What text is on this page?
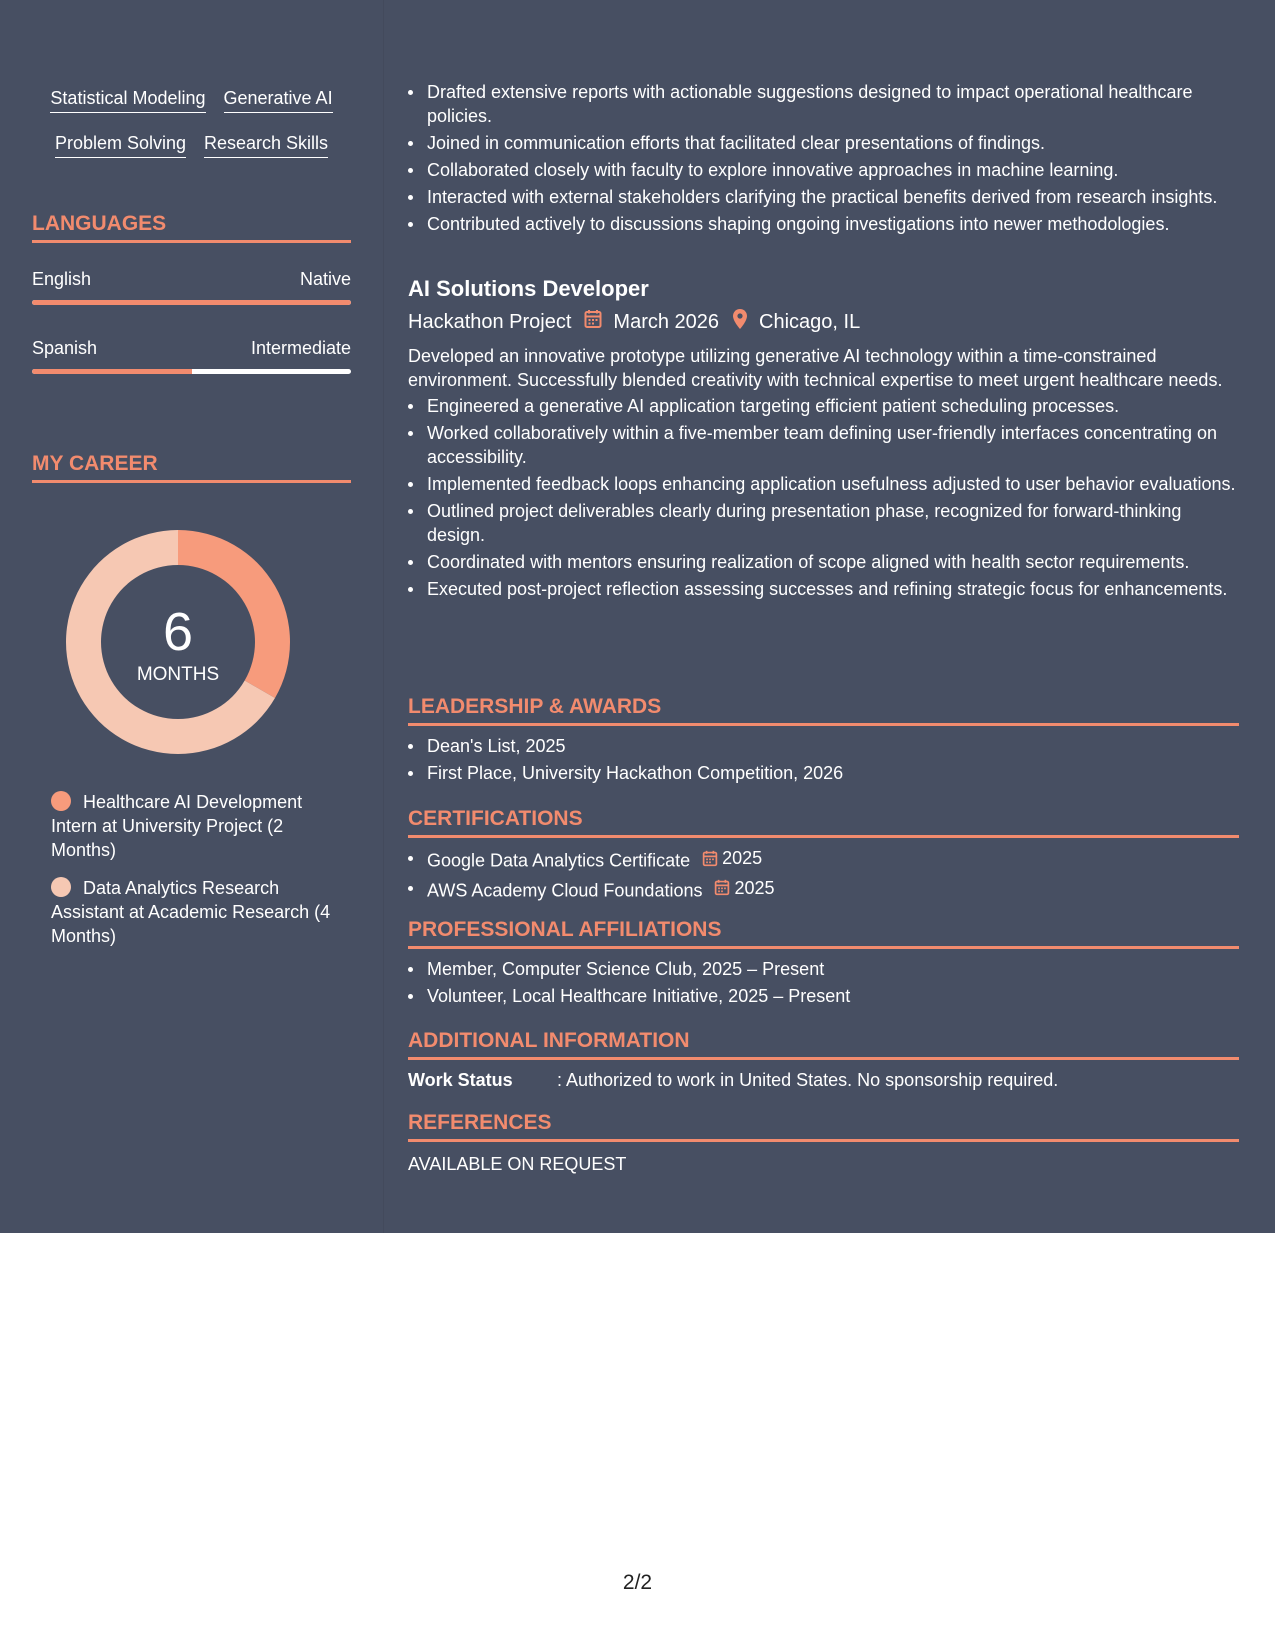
Statistical Modeling Generative AI
Problem Solving Research Skills
LANGUAGES
English	Native
Spanish	Intermediate
MY CAREER
6
MONTHS
Healthcare AI Development Intern at University Project (2 Months)
Data Analytics Research Assistant at Academic Research (4 Months)
Drafted extensive reports with actionable suggestions designed to impact operational healthcare policies.
Joined in communication efforts that facilitated clear presentations of findings.
Collaborated closely with faculty to explore innovative approaches in machine learning.
Interacted with external stakeholders clarifying the practical benefits derived from research insights.
Contributed actively to discussions shaping ongoing investigations into newer methodologies.
AI Solutions Developer
Hackathon Project March 2026 Chicago, IL
Developed an innovative prototype utilizing generative AI technology within a time-constrained environment. Successfully blended creativity with technical expertise to meet urgent healthcare needs.
Engineered a generative AI application targeting efficient patient scheduling processes.
Worked collaboratively within a five-member team defining user-friendly interfaces concentrating on accessibility.
Implemented feedback loops enhancing application usefulness adjusted to user behavior evaluations.
Outlined project deliverables clearly during presentation phase, recognized for forward-thinking design.
Coordinated with mentors ensuring realization of scope aligned with health sector requirements.
Executed post-project reflection assessing successes and refining strategic focus for enhancements.
LEADERSHIP & AWARDS
Dean's List, 2025
First Place, University Hackathon Competition, 2026
CERTIFICATIONS
Google Data Analytics Certificate 2025
AWS Academy Cloud Foundations 2025
PROFESSIONAL AFFILIATIONS
Member, Computer Science Club, 2025 – Present
Volunteer, Local Healthcare Initiative, 2025 – Present
ADDITIONAL INFORMATION
Work Status	: Authorized to work in United States. No sponsorship required.
REFERENCES
AVAILABLE ON REQUEST
2/2
